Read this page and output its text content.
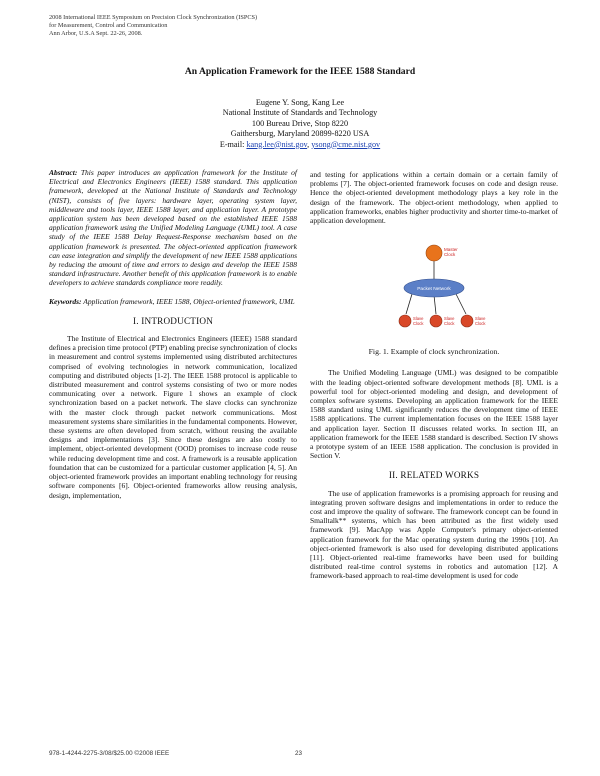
2008 International IEEE Symposium on Precision Clock Synchronization (ISPCS)
for Measurement, Control and Communication
Ann Arbor, U.S.A Sept. 22-26, 2008.
An Application Framework for the IEEE 1588 Standard
Eugene Y. Song, Kang Lee
National Institute of Standards and Technology
100 Bureau Drive, Stop 8220
Gaithersburg, Maryland 20899-8220 USA
E-mail: kang.lee@nist.gov, ysong@cme.nist.gov

Abstract: This paper introduces an application framework for the Institute of Electrical and Electronics Engineers (IEEE) 1588 standard. This application framework, developed at the National Institute of Standards and Technology (NIST), consists of five layers: hardware layer, operating system layer, middleware and tools layer, IEEE 1588 layer, and application layer. A prototype application system has been developed based on the established IEEE 1588 application framework using the Unified Modeling Language (UML) tool. A case study of the IEEE 1588 Delay Request-Response mechanism based on the application framework is presented. The object-oriented application framework can ease integration and simplify the development of new IEEE 1588 applications by reducing the amount of time and errors to design and develop the IEEE 1588 standard infrastructure. Another benefit of this application framework is to enable developers to achieve standards compliance more readily.

Keywords: Application framework, IEEE 1588, Object-oriented framework, UML

I. INTRODUCTION

The Institute of Electrical and Electronics Engineers (IEEE) 1588 standard defines a precision time protocol (PTP) enabling precise synchronization of clocks in measurement and control systems implemented using distributed architectures comprised of evolving technologies in network communication, localized computing and distributed objects [1-2]. The IEEE 1588 protocol is applicable to distributed measurement and control systems consisting of two or more nodes communicating over a network. Figure 1 shows an example of clock synchronization based on a packet network. The slave clocks can synchronize with the master clock through packet network communications. Most measurement systems share similarities in the fundamental components. However, these systems are often developed from scratch, without reusing the available designs and implementations [3]. Since these designs are also costly to implement, object-oriented development (OOD) promises to increase code reuse while reducing development time and cost. A framework is a reusable application foundation that can be customized for a particular customer application [4, 5]. An object-oriented framework provides an important enabling technology for reusing software components [6]. Object-oriented frameworks allow reusing analysis, design, implementation,

and testing for applications within a certain domain or a certain family of problems [7]. The object-oriented framework focuses on code and design reuse. Hence the object-oriented development methodology plays a key role in the design of the framework. The object-orient methodology, when applied to application frameworks, enables higher productivity and shorter time-to-market of application development.

Master
Clock
Packet Network
Slave
Clock
Slave
Clock
Slave
Clock
Fig. 1. Example of clock synchronization.

The Unified Modeling Language (UML) was designed to be compatible with the leading object-oriented software development methods [8]. UML is a powerful tool for object-oriented modeling and design, and development of complex software systems. Developing an application framework for the IEEE 1588 standard using UML significantly reduces the development time of IEEE 1588 applications. The current implementation focuses on the IEEE 1588 layer and application layer. Section II discusses related works. In section III, an application framework for the IEEE 1588 standard is described. Section IV shows a prototype system of an IEEE 1588 application. The conclusion is provided in Section V.

II. RELATED WORKS

The use of application frameworks is a promising approach for reusing and integrating proven software designs and implementations in order to reduce the cost and improve the quality of software. The framework concept can be found in Smalltalk** systems, which has been attributed as the first widely used framework [9]. MacApp was Apple Computer's primary object-oriented application framework for the Mac operating system during the 1990s [10]. An object-oriented framework is also used for developing distributed applications [11]. Object-oriented real-time frameworks have been used for building distributed real-time control systems in robotics and automation [12]. A framework-based approach to real-time development is used for code

978-1-4244-2275-3/08/$25.00 ©2008 IEEE	23
